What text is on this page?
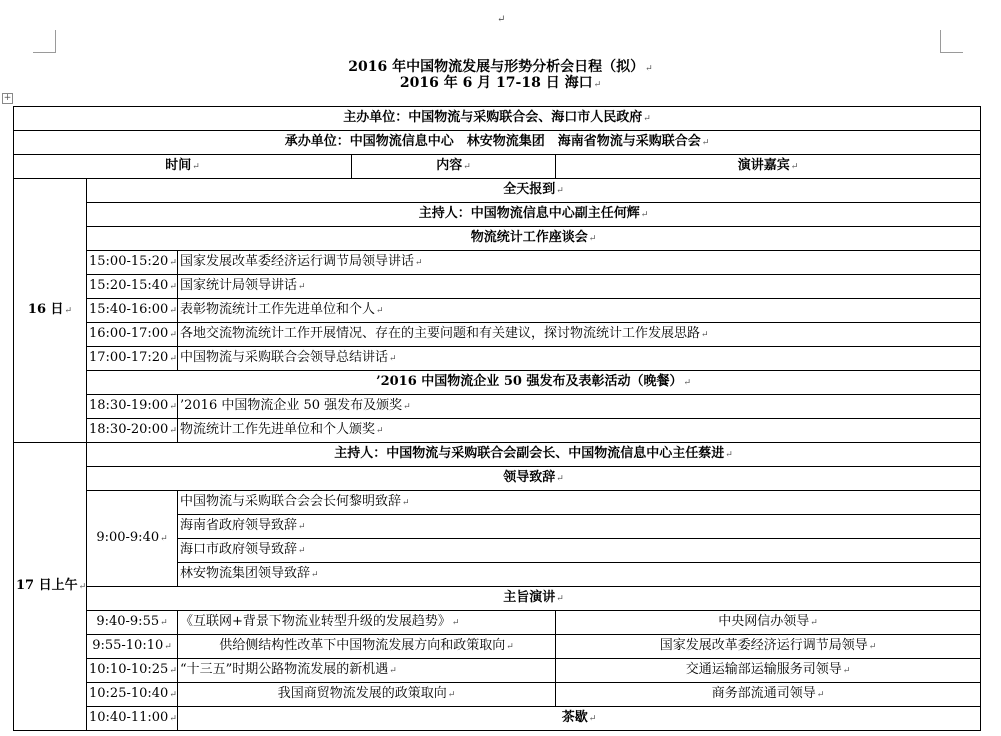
↵
2016 年中国物流发展与形势分析会日程（拟） ↵
2016 年 6 月 17-18 日 海口 ↵
+
主办单位：中国物流与采购联合会、海口市人民政府 ↵
承办单位：中国物流信息中心　林安物流集团　海南省物流与采购联合会 ↵
时间 ↵			内容 ↵	演讲嘉宾 ↵
16 日 ↵	全天报到 ↵
	主持人：中国物流信息中心副主任何辉 ↵
	物流统计工作座谈会 ↵
	15:00-15:20 ↵	国家发展改革委经济运行调节局领导讲话 ↵
	15:20-15:40 ↵	国家统计局领导讲话 ↵
	15:40-16:00 ↵	表彰物流统计工作先进单位和个人 ↵
	16:00-17:00 ↵	各地交流物流统计工作开展情况、存在的主要问题和有关建议，探讨物流统计工作发展思路 ↵
	17:00-17:20 ↵	中国物流与采购联合会领导总结讲话 ↵
	’2016 中国物流企业 50 强发布及表彰活动（晚餐） ↵
	18:30-19:00 ↵	’2016 中国物流企业 50 强发布及颁奖 ↵
	18:30-20:00 ↵	物流统计工作先进单位和个人颁奖 ↵
17 日上午 ↵	主持人：中国物流与采购联合会副会长、中国物流信息中心主任蔡进 ↵
	领导致辞 ↵
	9:00-9:40 ↵	中国物流与采购联合会会长何黎明致辞 ↵
		海南省政府领导致辞 ↵
		海口市政府领导致辞 ↵
		林安物流集团领导致辞 ↵
	主旨演讲 ↵
	9:40-9:55 ↵	《互联网+背景下物流业转型升级的发展趋势》 ↵		中央网信办领导 ↵
	9:55-10:10 ↵	供给侧结构性改革下中国物流发展方向和政策取向 ↵		国家发展改革委经济运行调节局领导 ↵
	10:10-10:25 ↵	“十三五”时期公路物流发展的新机遇 ↵		交通运输部运输服务司领导 ↵
	10:25-10:40 ↵	我国商贸物流发展的政策取向 ↵		商务部流通司领导 ↵
	10:40-11:00 ↵	茶歇 ↵
